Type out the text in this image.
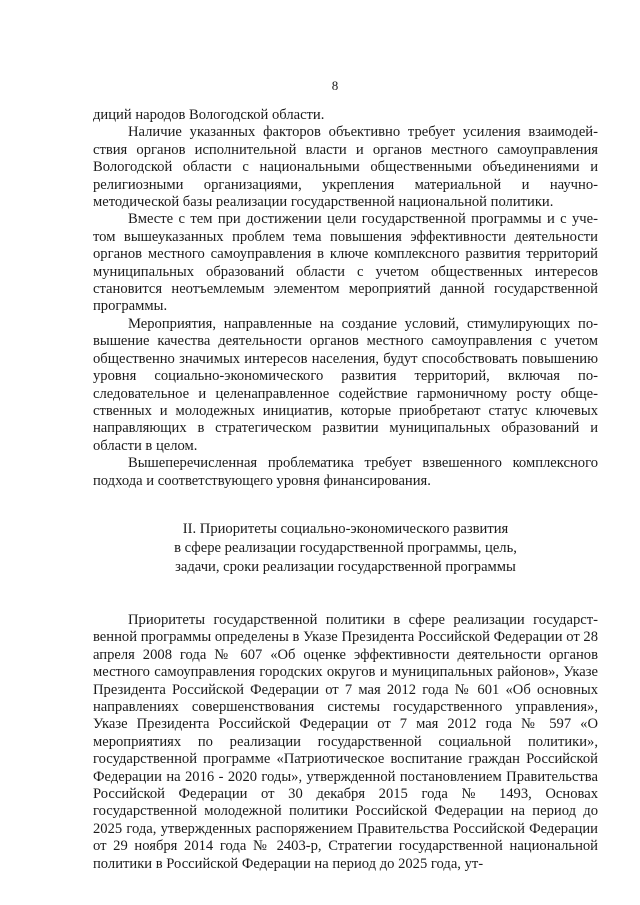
8

диций народов Вологодской области.

Наличие указанных факторов объективно требует усиления взаимодействия органов исполнительной власти и органов местного самоуправления Вологодской области с национальными общественными объединениями и религиозными организациями, укрепления материальной и научно-методической базы реализации государственной национальной политики.

Вместе с тем при достижении цели государственной программы и с учетом вышеуказанных проблем тема повышения эффективности деятельности органов местного самоуправления в ключе комплексного развития территорий муниципальных образований области с учетом общественных интересов становится неотъемлемым элементом мероприятий данной государственной программы.

Мероприятия, направленные на создание условий, стимулирующих повышение качества деятельности органов местного самоуправления с учетом общественно значимых интересов населения, будут способствовать повышению уровня социально-экономического развития территорий, включая последовательное и целенаправленное содействие гармоничному росту общественных и молодежных инициатив, которые приобретают статус ключевых направляющих в стратегическом развитии муниципальных образований и области в целом.

Вышеперечисленная проблематика требует взвешенного комплексного подхода и соответствующего уровня финансирования.

II. Приоритеты социально-экономического развития
в сфере реализации государственной программы, цель,
задачи, сроки реализации государственной программы

Приоритеты государственной политики в сфере реализации государственной программы определены в Указе Президента Российской Федерации от 28 апреля 2008 года № 607 «Об оценке эффективности деятельности органов местного самоуправления городских округов и муниципальных районов», Указе Президента Российской Федерации от 7 мая 2012 года № 601 «Об основных направлениях совершенствования системы государственного управления», Указе Президента Российской Федерации от 7 мая 2012 года № 597 «О мероприятиях по реализации государственной социальной политики», государственной программе «Патриотическое воспитание граждан Российской Федерации на 2016 - 2020 годы», утвержденной постановлением Правительства Российской Федерации от 30 декабря 2015 года № 1493, Основах государственной молодежной политики Российской Федерации на период до 2025 года, утвержденных распоряжением Правительства Российской Федерации от 29 ноября 2014 года № 2403-р, Стратегии государственной национальной политики в Российской Федерации на период до 2025 года, ут-
